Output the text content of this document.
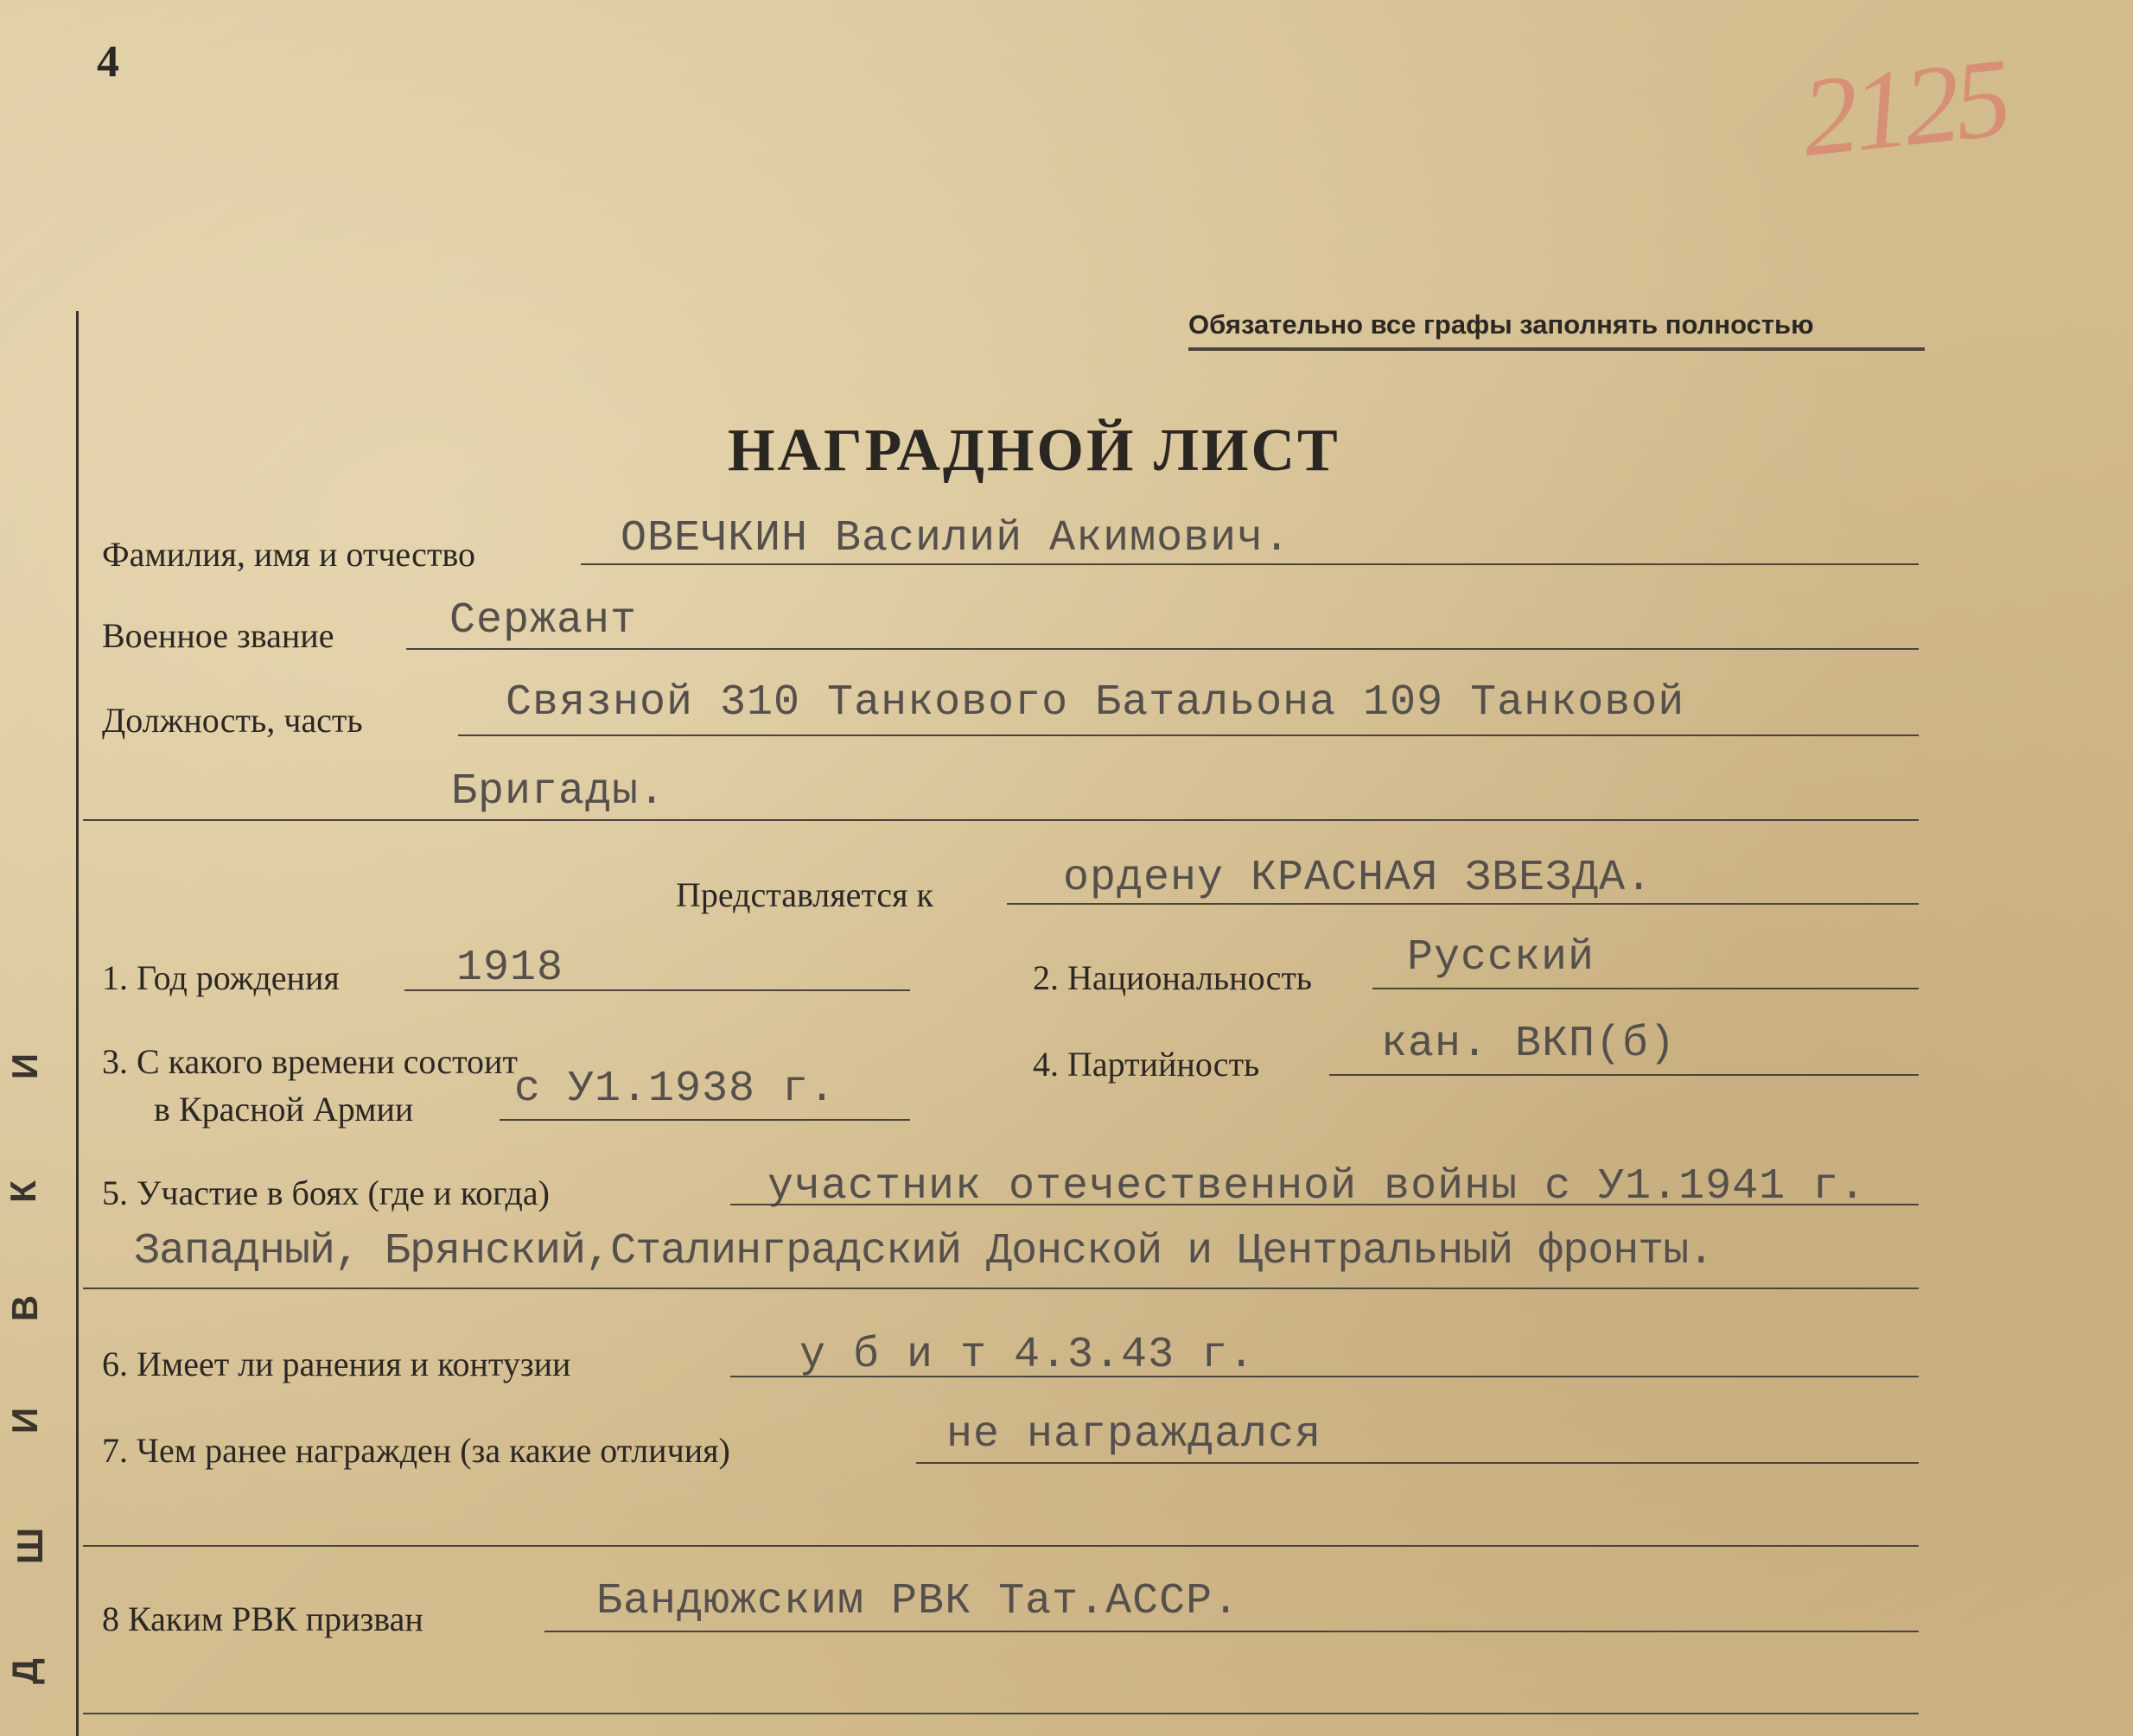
4	2125
И
К
В
И
Ш
Д
Обязательно все графы заполнять полностью
НАГРАДНОЙ ЛИСТ
Фамилия, имя и отчество	ОВЕЧКИН Василий Акимович.
Военное звание	Сержант
Должность, часть	Связной 310 Танкового Батальона 109 Танковой
Бригады.
Представляется к	ордену КРАСНАЯ ЗВЕЗДА.
1. Год рождения	1918	2. Национальность Русский
3. С какого времени состоит
в Красной Армии с У1.1938 г.
4. Партийность	кан. ВКП(б)
5. Участие в боях (где и когда)	участник отечественной войны с У1.1941 г.
Западный, Брянский,Сталинградский Донской и Центральный фронты.
6. Имеет ли ранения и контузии	у б и т 4.3.43 г.
7. Чем ранее награжден (за какие отличия)	не награждался
8 Каким РВК призван	Бандюжским РВК Тат.АССР.
